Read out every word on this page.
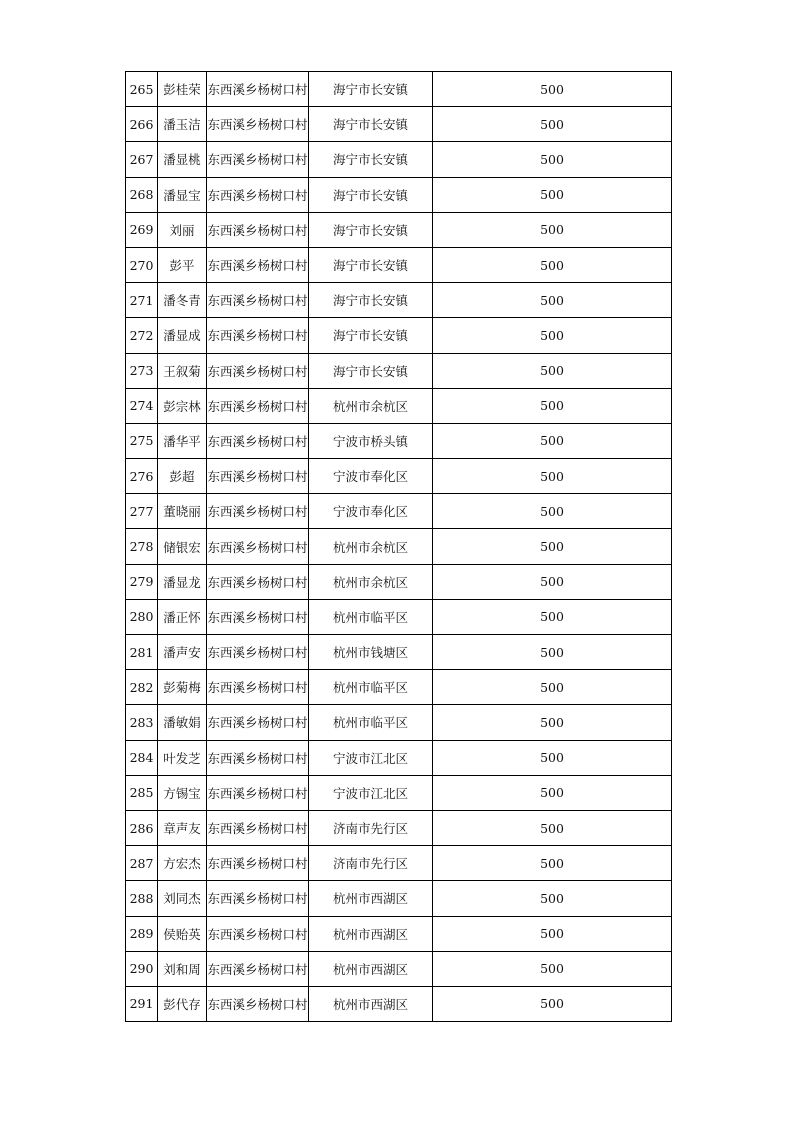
265	彭桂荣	东西溪乡杨树口村	海宁市长安镇	500
266	潘玉洁	东西溪乡杨树口村	海宁市长安镇	500
267	潘显桃	东西溪乡杨树口村	海宁市长安镇	500
268	潘显宝	东西溪乡杨树口村	海宁市长安镇	500
269	刘丽	东西溪乡杨树口村	海宁市长安镇	500
270	彭平	东西溪乡杨树口村	海宁市长安镇	500
271	潘冬青	东西溪乡杨树口村	海宁市长安镇	500
272	潘显成	东西溪乡杨树口村	海宁市长安镇	500
273	王叙菊	东西溪乡杨树口村	海宁市长安镇	500
274	彭宗林	东西溪乡杨树口村	杭州市余杭区	500
275	潘华平	东西溪乡杨树口村	宁波市桥头镇	500
276	彭超	东西溪乡杨树口村	宁波市奉化区	500
277	董晓丽	东西溪乡杨树口村	宁波市奉化区	500
278	储银宏	东西溪乡杨树口村	杭州市余杭区	500
279	潘显龙	东西溪乡杨树口村	杭州市余杭区	500
280	潘正怀	东西溪乡杨树口村	杭州市临平区	500
281	潘声安	东西溪乡杨树口村	杭州市钱塘区	500
282	彭菊梅	东西溪乡杨树口村	杭州市临平区	500
283	潘敏娟	东西溪乡杨树口村	杭州市临平区	500
284	叶发芝	东西溪乡杨树口村	宁波市江北区	500
285	方锡宝	东西溪乡杨树口村	宁波市江北区	500
286	章声友	东西溪乡杨树口村	济南市先行区	500
287	方宏杰	东西溪乡杨树口村	济南市先行区	500
288	刘同杰	东西溪乡杨树口村	杭州市西湖区	500
289	侯贻英	东西溪乡杨树口村	杭州市西湖区	500
290	刘和周	东西溪乡杨树口村	杭州市西湖区	500
291	彭代存	东西溪乡杨树口村	杭州市西湖区	500
